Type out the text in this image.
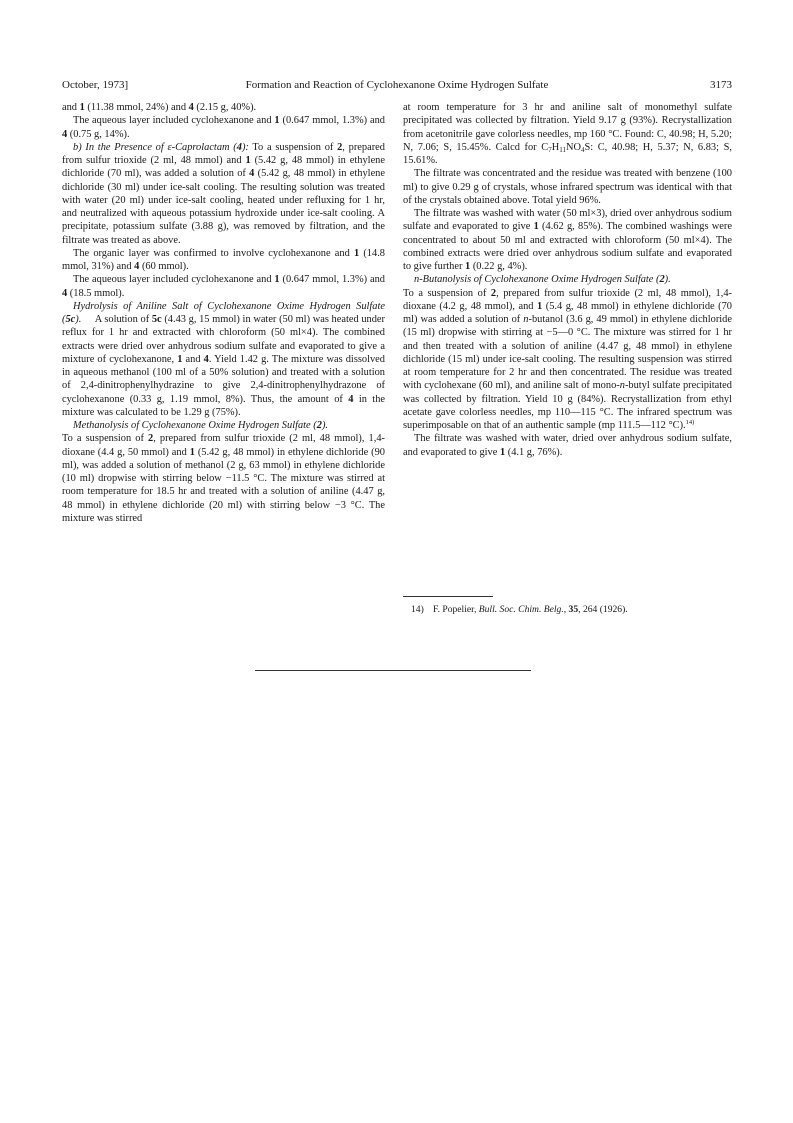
October, 1973]	Formation and Reaction of Cyclohexanone Oxime Hydrogen Sulfate	3173

and 1 (11.38 mmol, 24%) and 4 (2.15 g, 40%).

The aqueous layer included cyclohexanone and 1 (0.647 mmol, 1.3%) and 4 (0.75 g, 14%).

b) In the Presence of ε-Caprolactam (4): To a suspension of 2, prepared from sulfur trioxide (2 ml, 48 mmol) and 1 (5.42 g, 48 mmol) in ethylene dichloride (70 ml), was added a solution of 4 (5.42 g, 48 mmol) in ethylene dichloride (30 ml) under ice-salt cooling. The resulting solution was treated with water (20 ml) under ice-salt cooling, heated under refluxing for 1 hr, and neutralized with aqueous potassium hydroxide under ice-salt cooling. A precipitate, potassium sulfate (3.88 g), was removed by filtration, and the filtrate was treated as above.

The organic layer was confirmed to involve cyclohexanone and 1 (14.8 mmol, 31%) and 4 (60 mmol).

The aqueous layer included cyclohexanone and 1 (0.647 mmol, 1.3%) and 4 (18.5 mmol).

Hydrolysis of Aniline Salt of Cyclohexanone Oxime Hydrogen Sulfate (5c).     A solution of 5c (4.43 g, 15 mmol) in water (50 ml) was heated under reflux for 1 hr and extracted with chloroform (50 ml×4). The combined extracts were dried over anhydrous sodium sulfate and evaporated to give a mixture of cyclohexanone, 1 and 4. Yield 1.42 g. The mixture was dissolved in aqueous methanol (100 ml of a 50% solution) and treated with a solution of 2,4-dinitrophenylhydrazine to give 2,4-dinitrophenylhydrazone of cyclohexanone (0.33 g, 1.19 mmol, 8%). Thus, the amount of 4 in the mixture was calculated to be 1.29 g (75%).

Methanolysis of Cyclohexanone Oxime Hydrogen Sulfate (2).

To a suspension of 2, prepared from sulfur trioxide (2 ml, 48 mmol), 1,4-dioxane (4.4 g, 50 mmol) and 1 (5.42 g, 48 mmol) in ethylene dichloride (90 ml), was added a solution of methanol (2 g, 63 mmol) in ethylene dichloride (10 ml) dropwise with stirring below −11.5 °C. The mixture was stirred at room temperature for 18.5 hr and treated with a solution of aniline (4.47 g, 48 mmol) in ethylene dichloride (20 ml) with stirring below −3 °C. The mixture was stirred

at room temperature for 3 hr and aniline salt of monomethyl sulfate precipitated was collected by filtration. Yield 9.17 g (93%). Recrystallization from acetonitrile gave colorless needles, mp 160 °C. Found: C, 40.98; H, 5.20; N, 7.06; S, 15.45%. Calcd for $C_7H_{11}NO_4S$: C, 40.98; H, 5.37; N, 6.83; S, 15.61%.

The filtrate was concentrated and the residue was treated with benzene (100 ml) to give 0.29 g of crystals, whose infrared spectrum was identical with that of the crystals obtained above. Total yield 96%.

The filtrate was washed with water (50 ml×3), dried over anhydrous sodium sulfate and evaporated to give 1 (4.62 g, 85%). The combined washings were concentrated to about 50 ml and extracted with chloroform (50 ml×4). The combined extracts were dried over anhydrous sodium sulfate and evaporated to give further 1 (0.22 g, 4%).

n-Butanolysis of Cyclohexanone Oxime Hydrogen Sulfate (2).

To a suspension of 2, prepared from sulfur trioxide (2 ml, 48 mmol), 1,4-dioxane (4.2 g, 48 mmol), and 1 (5.4 g, 48 mmol) in ethylene dichloride (70 ml) was added a solution of n-butanol (3.6 g, 49 mmol) in ethylene dichloride (15 ml) dropwise with stirring at −5—0 °C. The mixture was stirred for 1 hr and then treated with a solution of aniline (4.47 g, 48 mmol) in ethylene dichloride (15 ml) under ice-salt cooling. The resulting suspension was stirred at room temperature for 2 hr and then concentrated. The residue was treated with cyclohexane (60 ml), and aniline salt of mono-n-butyl sulfate precipitated was collected by filtration. Yield 10 g (84%). Recrystallization from ethyl acetate gave colorless needles, mp 110—115 °C. The infrared spectrum was superimposable on that of an authentic sample (mp 111.5—112 °C).$^{14)}$

The filtrate was washed with water, dried over anhydrous sodium sulfate, and evaporated to give 1 (4.1 g, 76%).

14) F. Popelier, Bull. Soc. Chim. Belg., 35, 264 (1926).
